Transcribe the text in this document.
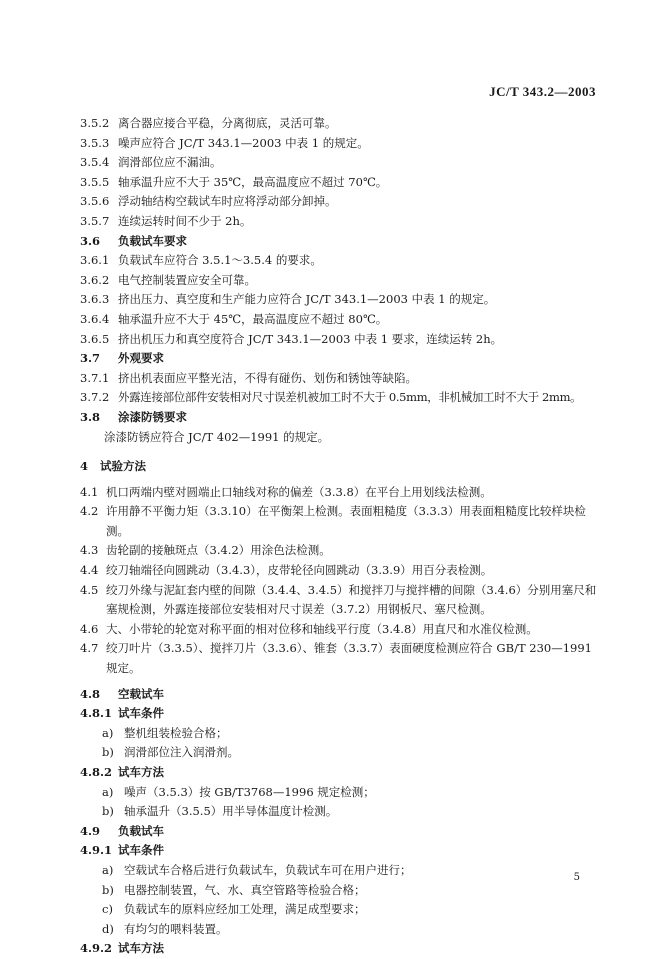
JC/T 343.2—2003
3.5.2 离合器应接合平稳，分离彻底，灵活可靠。
3.5.3 噪声应符合 JC/T 343.1—2003 中表 1 的规定。
3.5.4 润滑部位应不漏油。
3.5.5 轴承温升应不大于 35℃，最高温度应不超过 70℃。
3.5.6 浮动轴结构空载试车时应将浮动部分卸掉。
3.5.7 连续运转时间不少于 2h。
3.6	负载试车要求
3.6.1 负载试车应符合 3.5.1～3.5.4 的要求。
3.6.2 电气控制装置应安全可靠。
3.6.3 挤出压力、真空度和生产能力应符合 JC/T 343.1—2003 中表 1 的规定。
3.6.4 轴承温升应不大于 45℃，最高温度应不超过 80℃。
3.6.5 挤出机压力和真空度符合 JC/T 343.1—2003 中表 1 要求，连续运转 2h。
3.7	外观要求
3.7.1 挤出机表面应平整光洁，不得有碰伤、划伤和锈蚀等缺陷。
3.7.2 外露连接部位部件安装相对尺寸误差机被加工时不大于 0.5mm，非机械加工时不大于 2mm。
3.8	涂漆防锈要求
涂漆防锈应符合 JC/T 402—1991 的规定。
4	试验方法
4.1 机口两端内壁对圆端止口轴线对称的偏差（3.3.8）在平台上用划线法检测。
4.2 许用静不平衡力矩（3.3.10）在平衡架上检测。表面粗糙度（3.3.3）用表面粗糙度比较样块检测。
4.3 齿轮副的接触斑点（3.4.2）用涂色法检测。
4.4 绞刀轴端径向圆跳动（3.4.3），皮带轮径向圆跳动（3.3.9）用百分表检测。
4.5 绞刀外缘与泥缸套内壁的间隙（3.4.4、3.4.5）和搅拌刀与搅拌槽的间隙（3.4.6）分别用塞尺和塞规检测，外露连接部位安装相对尺寸误差（3.7.2）用钢板尺、塞尺检测。
4.6 大、小带轮的轮宽对称平面的相对位移和轴线平行度（3.4.8）用直尺和水准仪检测。
4.7 绞刀叶片（3.3.5）、搅拌刀片（3.3.6）、锥套（3.3.7）表面硬度检测应符合 GB/T 230—1991 规定。
4.8	空载试车
4.8.1 试车条件
a) 整机组装检验合格；
b) 润滑部位注入润滑剂。
4.8.2 试车方法
a) 噪声（3.5.3）按 GB/T3768—1996 规定检测；
b) 轴承温升（3.5.5）用半导体温度计检测。
4.9	负载试车
4.9.1 试车条件
a) 空载试车合格后进行负载试车，负载试车可在用户进行；
b) 电器控制装置，气、水、真空管路等检验合格；
c) 负载试车的原料应经加工处理，满足成型要求；
d) 有均匀的喂料装置。
4.9.2 试车方法
5
